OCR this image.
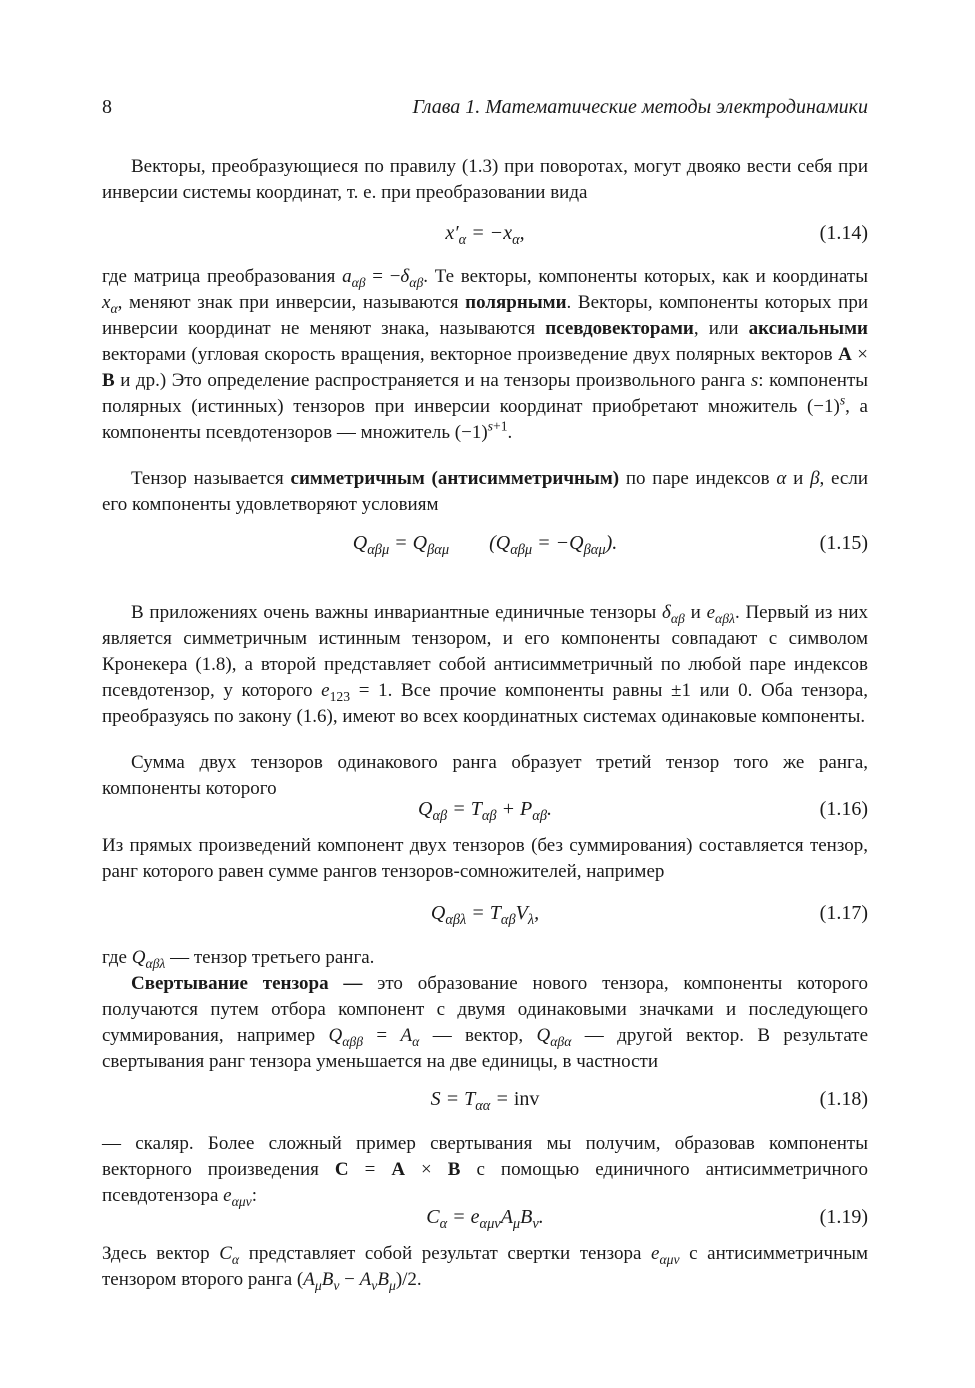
8	Глава 1. Математические методы электродинамики
Векторы, преобразующиеся по правилу (1.3) при поворотах, могут двояко вести себя при инверсии системы координат, т. е. при преобразовании вида
$x'_\alpha = -x_\alpha$,	(1.14)
где матрица преобразования $a_{\alpha\beta} = -\delta_{\alpha\beta}$. Те векторы, компоненты которых, как и координаты $x_\alpha$, меняют знак при инверсии, называются полярными. Векторы, компоненты которых при инверсии координат не меняют знака, называются псевдовекторами, или аксиальными векторами (угловая скорость вращения, векторное произведение двух полярных векторов A × B и др.) Это определение распространяется и на тензоры произвольного ранга s: компоненты полярных (истинных) тензоров при инверсии координат приобретают множитель $(-1)^s$, а компоненты псевдотензоров — множитель $(-1)^{s+1}$.
Тензор называется симметричным (антисимметричным) по паре индексов α и β, если его компоненты удовлетворяют условиям
$Q_{\alpha\beta\mu} = Q_{\beta\alpha\mu}$        $(Q_{\alpha\beta\mu} = -Q_{\beta\alpha\mu})$.	(1.15)
В приложениях очень важны инвариантные единичные тензоры $\delta_{\alpha\beta}$ и $e_{\alpha\beta\lambda}$. Первый из них является симметричным истинным тензором, и его компоненты совпадают с символом Кронекера (1.8), а второй представляет собой антисимметричный по любой паре индексов псевдотензор, у которого $e_{123} = 1$. Все прочие компоненты равны ±1 или 0. Оба тензора, преобразуясь по закону (1.6), имеют во всех координатных системах одинаковые компоненты.
Сумма двух тензоров одинакового ранга образует третий тензор того же ранга, компоненты которого
$Q_{\alpha\beta} = T_{\alpha\beta} + P_{\alpha\beta}$.	(1.16)
Из прямых произведений компонент двух тензоров (без суммирования) составляется тензор, ранг которого равен сумме рангов тензоров-сомножителей, например
$Q_{\alpha\beta\lambda} = T_{\alpha\beta}V_\lambda$,	(1.17)
где $Q_{\alpha\beta\lambda}$ — тензор третьего ранга.
Свертывание тензора — это образование нового тензора, компоненты которого получаются путем отбора компонент с двумя одинаковыми значками и последующего суммирования, например $Q_{\alpha\beta\beta} = A_\alpha$ — вектор, $Q_{\alpha\beta\alpha}$ — другой вектор. В результате свертывания ранг тензора уменьшается на две единицы, в частности
$S = T_{\alpha\alpha}$ = inv	(1.18)
— скаляр. Более сложный пример свертывания мы получим, образовав компоненты векторного произведения C = A × B с помощью единичного антисимметричного псевдотензора $e_{\alpha\mu\nu}$:
$C_\alpha = e_{\alpha\mu\nu}A_\mu B_\nu$.	(1.19)
Здесь вектор $C_\alpha$ представляет собой результат свертки тензора $e_{\alpha\mu\nu}$ с антисимметричным тензором второго ранга $(A_\mu B_\nu - A_\nu B_\mu)/2$.
